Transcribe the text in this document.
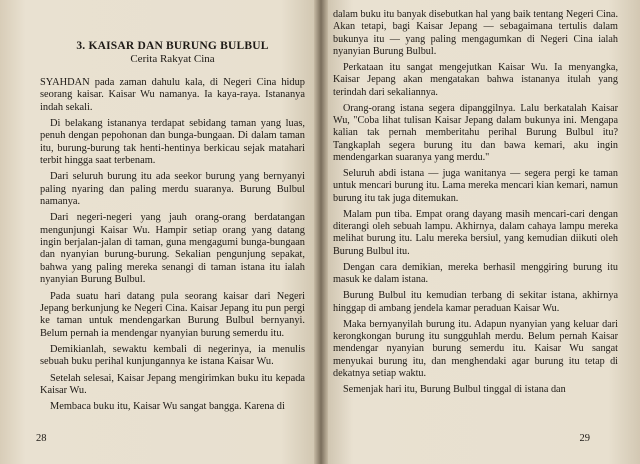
3. KAISAR DAN BURUNG BULBUL
Cerita Rakyat Cina

SYAHDAN pada zaman dahulu kala, di Negeri Cina hidup seorang kaisar. Kaisar Wu namanya. Ia kaya-raya. Istananya indah sekali.

Di belakang istananya terdapat sebidang taman yang luas, penuh dengan pepohonan dan bunga-bungaan. Di dalam taman itu, burung-burung tak henti-hentinya berkicau sejak matahari terbit hingga saat terbenam.

Dari seluruh burung itu ada seekor burung yang bernyanyi paling nyaring dan paling merdu suaranya. Burung Bulbul namanya.

Dari negeri-negeri yang jauh orang-orang berdatangan mengunjungi Kaisar Wu. Hampir setiap orang yang datang ingin berjalan-jalan di taman, guna mengagumi bunga-bungaan dan nyanyian burung-burung. Sekalian pengunjung sepakat, bahwa yang paling mereka senangi di taman istana itu ialah nyanyian Burung Bulbul.

Pada suatu hari datang pula seorang kaisar dari Negeri Jepang berkunjung ke Negeri Cina. Kaisar Jepang itu pun pergi ke taman untuk mendengarkan Burung Bulbul bernyanyi. Belum pernah ia mendengar nyanyian burung semerdu itu.

Demikianlah, sewaktu kembali di negerinya, ia menulis sebuah buku perihal kunjungannya ke istana Kaisar Wu.

Setelah selesai, Kaisar Jepang mengirimkan buku itu kepada Kaisar Wu.

Membaca buku itu, Kaisar Wu sangat bangga. Karena di

28

dalam buku itu banyak disebutkan hal yang baik tentang Negeri Cina. Akan tetapi, bagi Kaisar Jepang — sebagaimana tertulis dalam bukunya itu — yang paling mengagumkan di Negeri Cina ialah nyanyian Burung Bulbul.

Perkataan itu sangat mengejutkan Kaisar Wu. Ia menyangka, Kaisar Jepang akan mengatakan bahwa istananya itulah yang terindah dari sekaliannya.

Orang-orang istana segera dipanggilnya. Lalu berkatalah Kaisar Wu, "Coba lihat tulisan Kaisar Jepang dalam bukunya ini. Mengapa kalian tak pernah memberitahu perihal Burung Bulbul itu? Tangkaplah segera burung itu dan bawa kemari, aku ingin mendengarkan suaranya yang merdu."

Seluruh abdi istana — juga wanitanya — segera pergi ke taman untuk mencari burung itu. Lama mereka mencari kian kemari, namun burung itu tak juga ditemukan.

Malam pun tiba. Empat orang dayang masih mencari-cari dengan diterangi oleh sebuah lampu. Akhirnya, dalam cahaya lampu mereka melihat burung itu. Lalu mereka bersiul, yang kemudian diikuti oleh Burung Bulbul itu.

Dengan cara demikian, mereka berhasil menggiring burung itu masuk ke dalam istana.

Burung Bulbul itu kemudian terbang di sekitar istana, akhirnya hinggap di ambang jendela kamar peraduan Kaisar Wu.

Maka bernyanyilah burung itu. Adapun nyanyian yang keluar dari kerongkongan burung itu sungguhlah merdu. Belum pernah Kaisar mendengar nyanyian burung semerdu itu. Kaisar Wu sangat menyukai burung itu, dan menghendaki agar burung itu tetap di dekatnya setiap waktu.

Semenjak hari itu, Burung Bulbul tinggal di istana dan

29
